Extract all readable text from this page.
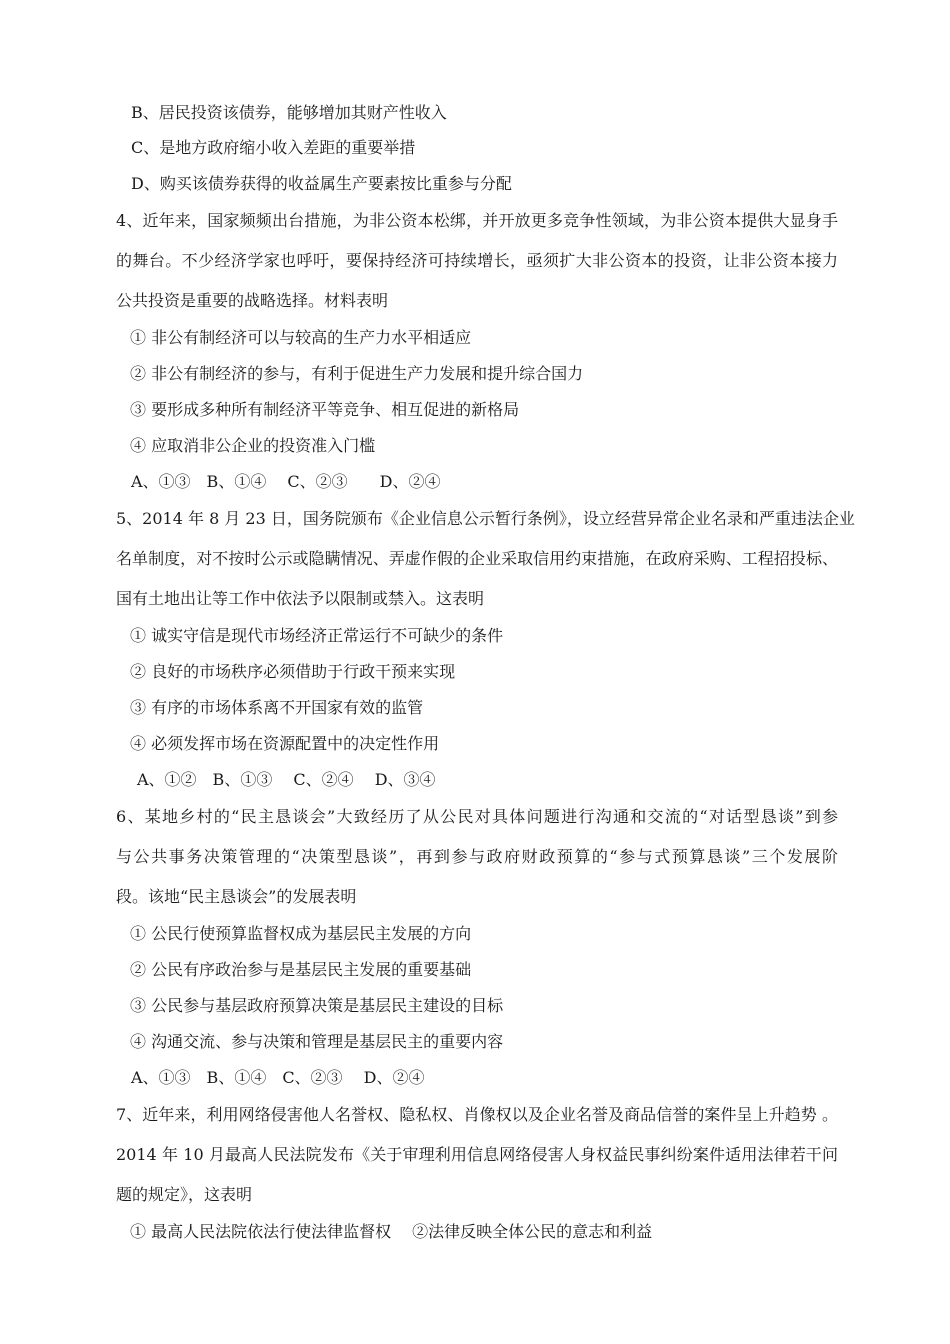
B、居民投资该债券，能够增加其财产性收入
C、是地方政府缩小收入差距的重要举措
D、购买该债券获得的收益属生产要素按比重参与分配
4、近年来，国家频频出台措施，为非公资本松绑，并开放更多竞争性领域，为非公资本提供大显身手
的舞台。不少经济学家也呼吁，要保持经济可持续增长，亟须扩大非公资本的投资，让非公资本接力
公共投资是重要的战略选择。材料表明
① 非公有制经济可以与较高的生产力水平相适应
② 非公有制经济的参与，有利于促进生产力发展和提升综合国力
③ 要形成多种所有制经济平等竞争、相互促进的新格局
④ 应取消非公企业的投资准入门槛
A、①③　B、①④　 C、②③　　D、②④
5、2014 年 8 月 23 日，国务院颁布《企业信息公示暂行条例》，设立经营异常企业名录和严重违法企业
名单制度，对不按时公示或隐瞒情况、弄虚作假的企业采取信用约束措施，在政府采购、工程招投标、
国有土地出让等工作中依法予以限制或禁入。这表明
① 诚实守信是现代市场经济正常运行不可缺少的条件
② 良好的市场秩序必须借助于行政干预来实现
③ 有序的市场体系离不开国家有效的监管
④ 必须发挥市场在资源配置中的决定性作用
A、①②　B、①③　 C、②④　 D、③④
6、某地乡村的“民主恳谈会”大致经历了从公民对具体问题进行沟通和交流的“对话型恳谈”到参
与公共事务决策管理的“决策型恳谈”，再到参与政府财政预算的“参与式预算恳谈”三个发展阶
段。该地“民主恳谈会”的发展表明
① 公民行使预算监督权成为基层民主发展的方向
② 公民有序政治参与是基层民主发展的重要基础
③ 公民参与基层政府预算决策是基层民主建设的目标
④ 沟通交流、参与决策和管理是基层民主的重要内容
A、①③　B、①④　C、②③　 D、②④
7、近年来，利用网络侵害他人名誉权、隐私权、肖像权以及企业名誉及商品信誉的案件呈上升趋势 。
2014 年 10 月最高人民法院发布《关于审理利用信息网络侵害人身权益民事纠纷案件适用法律若干问
题的规定》，这表明
① 最高人民法院依法行使法律监督权　 ②法律反映全体公民的意志和利益
